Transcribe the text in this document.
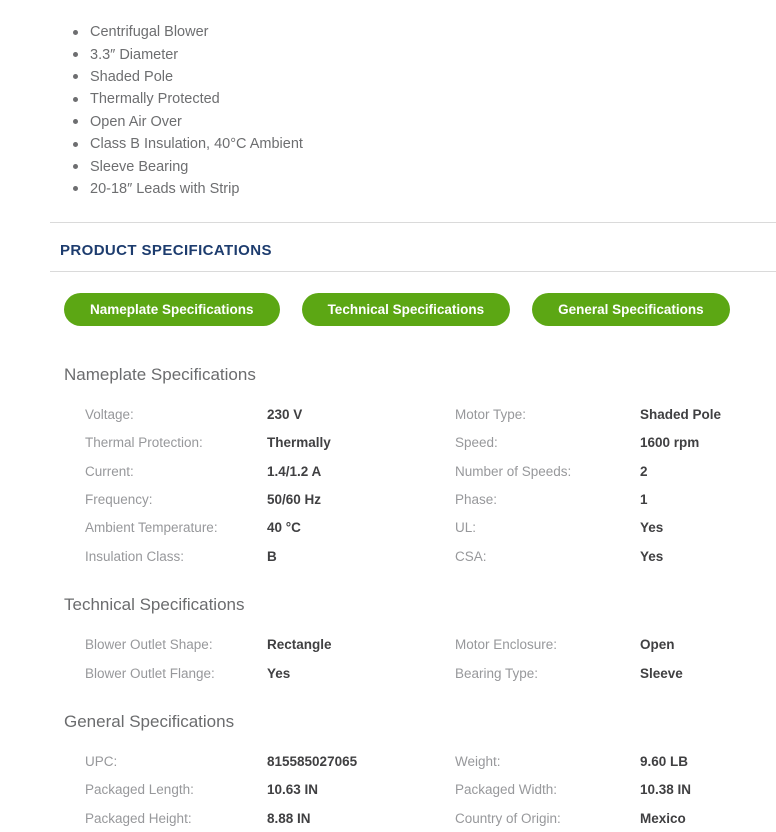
Centrifugal Blower
3.3″ Diameter
Shaded Pole
Thermally Protected
Open Air Over
Class B Insulation, 40°C Ambient
Sleeve Bearing
20-18″ Leads with Strip
PRODUCT SPECIFICATIONS
Nameplate Specifications	Technical Specifications	General Specifications
Nameplate Specifications
Voltage:	230 V	Motor Type:	Shaded Pole
Thermal Protection:	Thermally	Speed:	1600 rpm
Current:	1.4/1.2 A	Number of Speeds:	2
Frequency:	50/60 Hz	Phase:	1
Ambient Temperature:	40 °C	UL:	Yes
Insulation Class:	B	CSA:	Yes
Technical Specifications
Blower Outlet Shape:	Rectangle	Motor Enclosure:	Open
Blower Outlet Flange:	Yes	Bearing Type:	Sleeve
General Specifications
UPC:	815585027065	Weight:	9.60 LB
Packaged Length:	10.63 IN	Packaged Width:	10.38 IN
Packaged Height:	8.88 IN	Country of Origin:	Mexico
